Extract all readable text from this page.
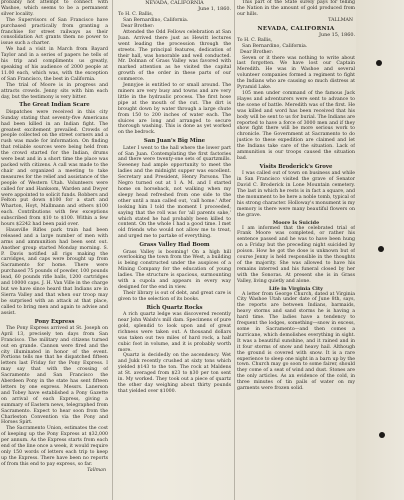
probably not attempt to connect with Washoe, which seems to be a permanent silver locality.

The Supervisors of San Francisco have purchased practically from granting a franchise for street railways as their consolidation Act grants them no power to issue such a charter.

We had a visit in March from Bayard Taylor and in a series of papers he tells of his trip and compliments us greatly, speaking of his audience of 2000 people at 11.00 each, which was, with the exception of San Francisco, the best in California.

The trial of Moore is in progress and attracts crowds. Jenny sits with him each day, but the testimony is very bitter.

The Great Indian Scare

Dispatches were received in this city Sunday stating that seventy-five Americans had been killed in an Indian fight. The greatest excitement prevailed. Crowds of people collected on the street corners and a rush was made for information. On finding that reliable sources were being held from the crowd started for the Indian, drums were beat and in a short time the place was packed with citizens. A call was made to the chair and organized a meeting to take measures for the relief and assistance of the people of Western Utah. Volunteers were called for and Hanksom, Warden and Dwyer were appointed to solicit funds. Robbers and Felton put down $100 for a start and Wharton, Hoyt, Mallmann and others $100 each. Contributions with few exceptions subscribed from $10 to $100. Within a few hours $2242 had been paid over.

Hausville Rifles park train had been released and a large number of men with arms and ammunition had been sent out. Another group started Monday morning. S. P. Davis notified all rigs making the carvidges, and caps were brought up from Sacramento for home. There were purchased 75 pounds of powder, 100 pounds lead, 60 pounds rifle balls, 1200 cartridges and 10000 caps. J. H. Van Ville in the charge but we have since heard that Indians are in Sierra Valley and that when our troop may be surprised with an attack at that place, called to bring men and again to advise and assist.

Pony Express

The Pony Express arrived at St. Joseph on April 13, precisely ten days from San Francisco. The military and citizens turned out en grande. Cannon were fired and the city illuminated in honor of the event. Portions tells me that he dispatched fifteen letters last Friday for the Pony Express. I may say that with the crossing of Sacramento and San Francisco the Aberdeen Pony in the state has sent fifteen letters by one express. Messrs. Lanerson and Tobey have established a Pony Gazette on arrival of each Express, giving a summary of Eastern news, telegraphed from Sacramento. Expect to hear soon from the Charleston Convention via the Pony and Horses Spirt.

The Sacramento Union, estimates the cost of keeping up the Pony Express at $32,000 per annum. As the Express starts from each end of the line once a week, it would require only 150 words of letters each trip to keep up the Express. There have been no reports of from this end to pay express, so far.

Tallman

NEVADA, CALIFORNIA

June 1, 1860.

To H. C. Ballis,

San Bernardino, California.

Dear Brother:

Attended the Odd Fellows celebration at San Juan. Arrived there just as Hewitt lectures went leading the procession through the streets. The principal features, dedication of their hall, was honorable and well conducted. Mr. Dolman of Grass Valley was favored with marked attention as he visited the capital growth of the order in these parts of our commerce.

Jennyjoe is entitled to or small around. The miners are very busy and towns and are very little in the hydraulic process. The first hose pipe at the mouth of the cut. The dirt is brought down by water through a large chute from 150 to 200 inches of water each. The sluices are long and arranged to secure thorough washing. This is done as yet worked on the bedrock.

San Juan's Big Mine

Later I went to the hall where the lower part of San Juan. Contemplating the first factories and there were twenty-one sets of quartzmills. Sweeney had ample opportunity to meet the ladies and the midnight supper was excellent. Secretary and President, Henry Parsons. The Negro turned out at 1 A. M. and I started home on horseback, not walking when my sleepy head refreshed from one side to the other until a man called out, 'call home.' After looking him I told the moment I proceeded, saying that the roll was for 'all parents sake,' which stated he had probably been killed to content. On the whole I had a good time. I met old friends who would not allow me to treat, and urged me to partake of everything.

Grass Valley Had Boom

Grass Valley is booming! On a high hill overlooking the town from the West, a building is being constructed under the auspices of a Mining Company for the education of young ladies. The structure is spacious, surmounting with a cupola and appears in every way designed for the end in view.

Their library is out of debt, and great care is given to the selection of its books.

Rich Quartz Rocks

A rich quartz ledge was discovered recently near John Walsh's mill dam. Specimens of pure gold, splendid to look upon and of great richness were taken out. A thousand dollars was taken out two miles of hard rock, a half cubic foot in volume, and it is probably worth more.

Quartz is decidedly on the ascendency. Wet and Jukk recently crushed at sixty tons which yielded $143 to the ton. The rock at Maldens at St. averaged from $23 to $30 per ton sent in. My worked. They took out a piece of quartz the other day weighing about thirty pounds that yielded over $1000.

This part of the State surely pays for telling the Nation in the amount of gold produced from our hills.

TALLMAN

NEVADA, CALIFORNIA

June 15, 1860.

To H. C. Ballis,

San Bernardino, California.

Dear Brother:

Seven or it there was nothing to write about last forgotten. We have lost our Captain Meredith. He was in Washoe and several volunteer companies formed a regiment to fight the Indians who are causing so much distress at Pyramid Lake.

105 men under command of the famous Jack Hayes and adventurers were sent to advance to the scene of battle. Meredith was of the first. He was killed and word has been received that his body will be sent to us for burial. The Indians are reported to have a force of 3000 men and if they show fight there will be more serious work to chronicle. The Government at Sacramento to do justice to these expedition are claimed and let the Indians take care of the situation. Lack of ammunition is our troops caused the situation bad.

Visits Broderick's Grove

I was called out of town on business and while in San Francisco visited the grave of Senator David C. Broderick in Lone Mountain cemetery. The last in which he rests is in fact a square, and the monument to be here a noble tomb, typical of his strong character. Holloway's monument is my memory is there were many beautiful flowers on the grave.

Moore Is Suicide

I am informed that the celebrated trial of Frank Moore was completed, or rather his sentence passed and he was to have been hung on a Friday but the preceding night suicided by poison. How he got the dose is unknown but of course Jenny is held responsible in the thoughts of the majority. She was allowed to have his remains interred and his funeral closed by her with the Sonoras. At present she is in Grass Valley, living quietly and alone.

Life in Virginia City

A letter from George Church, dated at Virginia City Washoe Utah under date of June 8th, says, the reports are between Indians, barmaids, heavy storms and sand storms he is having a hard time. The ladies have a tendency to frequent the lodges, something—snow in excess, some in Sacramento—and then comes a hurricane, which demolishes everything in sight. It was a beautiful sunshine, and it rained and in it four storms of snow and heavy hail. Although the ground is covered with snow. It is a rare experience to sleep one night in a barn up by the town. Church may go soon to some fairer, should they come of a seat of wind and dust. Stones are the only articles. As an evidence of the cold, in three minutes of tin pails of water on my garments were frozen solid.
